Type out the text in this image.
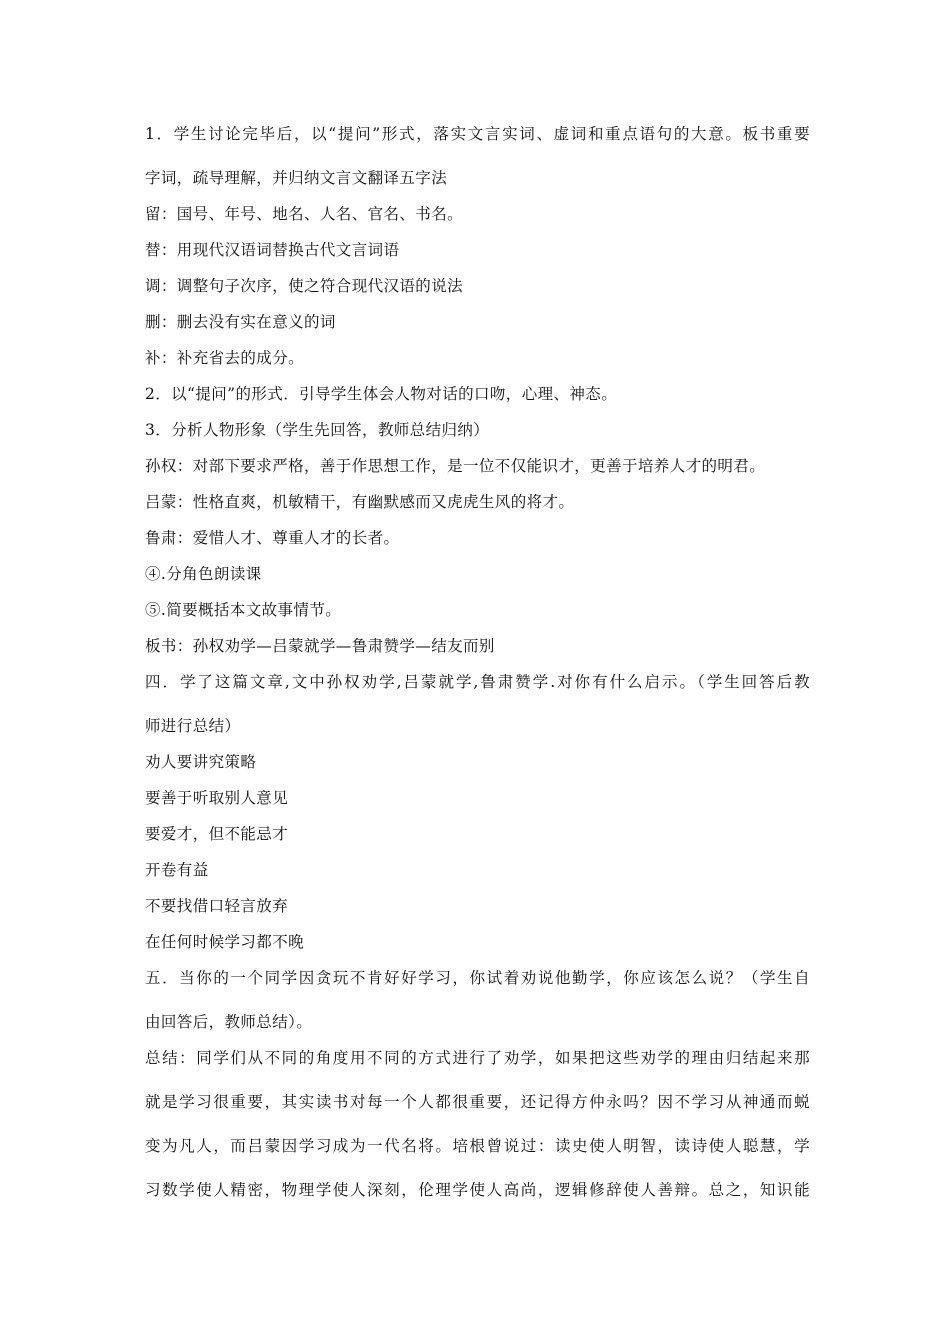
1．学生讨论完毕后，以“提问”形式，落实文言实词、虚词和重点语句的大意。板书重要
字词，疏导理解，并归纳文言文翻译五字法
留：国号、年号、地名、人名、官名、书名。
替：用现代汉语词替换古代文言词语
调：调整句子次序，使之符合现代汉语的说法
删：删去没有实在意义的词
补：补充省去的成分。
2．以“提问”的形式．引导学生体会人物对话的口吻，心理、神态。
3．分析人物形象（学生先回答，教师总结归纳）
孙权：对部下要求严格，善于作思想工作，是一位不仅能识才，更善于培养人才的明君。
吕蒙：性格直爽，机敏精干，有幽默感而又虎虎生风的将才。
鲁肃：爱惜人才、尊重人才的长者。
④.分角色朗读课
⑤.简要概括本文故事情节。
板书：孙权劝学—吕蒙就学—鲁肃赞学—结友而别
四．学了这篇文章,文中孙权劝学,吕蒙就学,鲁肃赞学.对你有什么启示。（学生回答后教
师进行总结）
劝人要讲究策略
要善于听取别人意见
要爱才，但不能忌才
开卷有益
不要找借口轻言放弃
在任何时候学习都不晚
五．当你的一个同学因贪玩不肯好好学习，你试着劝说他勤学，你应该怎么说？（学生自
由回答后，教师总结）。
总结：同学们从不同的角度用不同的方式进行了劝学，如果把这些劝学的理由归结起来那
就是学习很重要，其实读书对每一个人都很重要，还记得方仲永吗？因不学习从神通而蜕
变为凡人，而吕蒙因学习成为一代名将。培根曾说过：读史使人明智，读诗使人聪慧，学
习数学使人精密，物理学使人深刻，伦理学使人高尚，逻辑修辞使人善辩。总之，知识能
